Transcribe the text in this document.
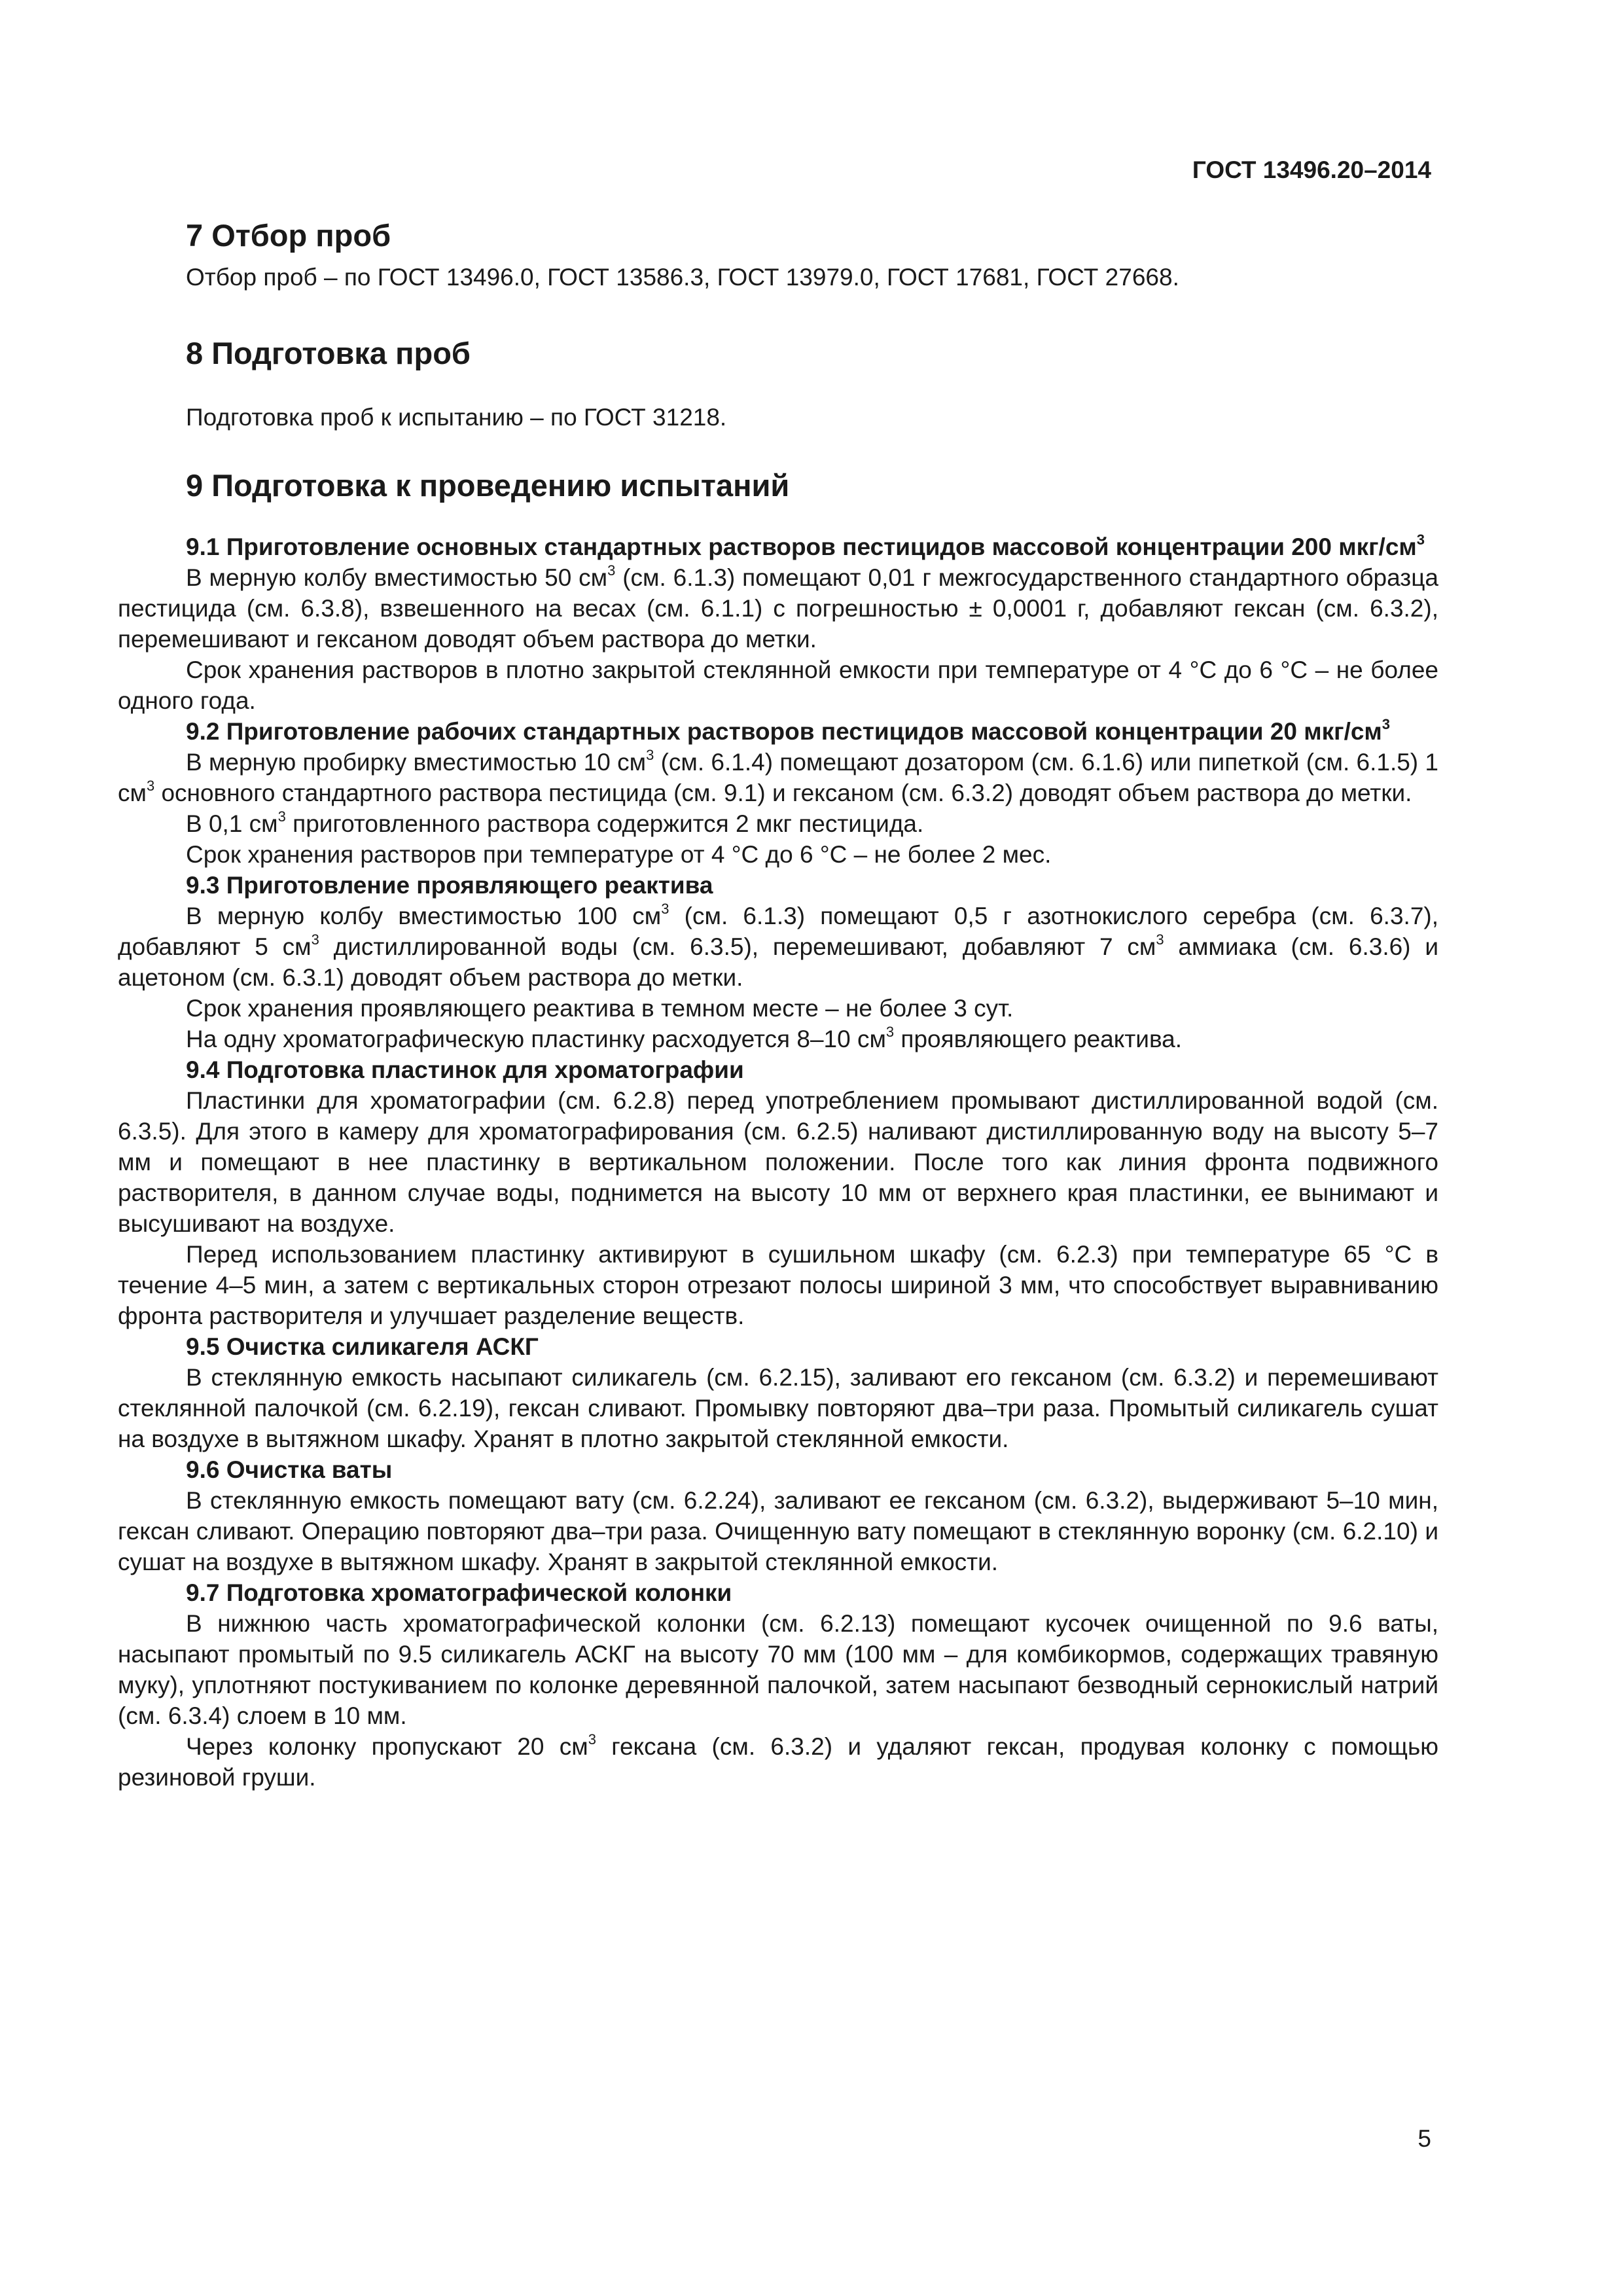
ГОСТ 13496.20–2014
7 Отбор проб

Отбор проб – по ГОСТ 13496.0, ГОСТ 13586.3, ГОСТ 13979.0, ГОСТ 17681, ГОСТ 27668.

8 Подготовка проб

Подготовка проб к испытанию – по ГОСТ 31218.

9 Подготовка к проведению испытаний

9.1 Приготовление основных стандартных растворов пестицидов массовой концентрации 200 мкг/$см^3$

В мерную колбу вместимостью 50 $см^3$ (см. 6.1.3) помещают 0,01 г межгосударственного стандартного образца пестицида (см. 6.3.8), взвешенного на весах (см. 6.1.1) с погрешностью ± 0,0001 г, добавляют гексан (см. 6.3.2), перемешивают и гексаном доводят объем раствора до метки.

Срок хранения растворов в плотно закрытой стеклянной емкости при температуре от 4 °С до 6 °С – не более одного года.

9.2 Приготовление рабочих стандартных растворов пестицидов массовой концентрации 20 мкг/$см^3$

В мерную пробирку вместимостью 10 $см^3$ (см. 6.1.4) помещают дозатором (см. 6.1.6) или пипеткой (см. 6.1.5) 1 $см^3$ основного стандартного раствора пестицида (см. 9.1) и гексаном (см. 6.3.2) доводят объем раствора до метки.

В 0,1 $см^3$ приготовленного раствора содержится 2 мкг пестицида.

Срок хранения растворов при температуре от 4 °С до 6 °С – не более 2 мес.

9.3 Приготовление проявляющего реактива

В мерную колбу вместимостью 100 $см^3$ (см. 6.1.3) помещают 0,5 г азотнокислого серебра (см. 6.3.7), добавляют 5 $см^3$ дистиллированной воды (см. 6.3.5), перемешивают, добавляют 7 $см^3$ аммиака (см. 6.3.6) и ацетоном (см. 6.3.1) доводят объем раствора до метки.

Срок хранения проявляющего реактива в темном месте – не более 3 сут.

На одну хроматографическую пластинку расходуется 8–10 $см^3$ проявляющего реактива.

9.4 Подготовка пластинок для хроматографии

Пластинки для хроматографии (см. 6.2.8) перед употреблением промывают дистиллированной водой (см. 6.3.5). Для этого в камеру для хроматографирования (см. 6.2.5) наливают дистиллированную воду на высоту 5–7 мм и помещают в нее пластинку в вертикальном положении. После того как линия фронта подвижного растворителя, в данном случае воды, поднимется на высоту 10 мм от верхнего края пластинки, ее вынимают и высушивают на воздухе.

Перед использованием пластинку активируют в сушильном шкафу (см. 6.2.3) при температуре 65 °С в течение 4–5 мин, а затем с вертикальных сторон отрезают полосы шириной 3 мм, что способствует выравниванию фронта растворителя и улучшает разделение веществ.

9.5 Очистка силикагеля АСКГ

В стеклянную емкость насыпают силикагель (см. 6.2.15), заливают его гексаном (см. 6.3.2) и перемешивают стеклянной палочкой (см. 6.2.19), гексан сливают. Промывку повторяют два–три раза. Промытый силикагель сушат на воздухе в вытяжном шкафу. Хранят в плотно закрытой стеклянной емкости.

9.6 Очистка ваты

В стеклянную емкость помещают вату (см. 6.2.24), заливают ее гексаном (см. 6.3.2), выдерживают 5–10 мин, гексан сливают. Операцию повторяют два–три раза. Очищенную вату помещают в стеклянную воронку (см. 6.2.10) и сушат на воздухе в вытяжном шкафу. Хранят в закрытой стеклянной емкости.

9.7 Подготовка хроматографической колонки

В нижнюю часть хроматографической колонки (см. 6.2.13) помещают кусочек очищенной по 9.6 ваты, насыпают промытый по 9.5 силикагель АСКГ на высоту 70 мм (100 мм – для комбикормов, содержащих травяную муку), уплотняют постукиванием по колонке деревянной палочкой, затем насыпают безводный сернокислый натрий (см. 6.3.4) слоем в 10 мм.

Через колонку пропускают 20 $см^3$ гексана (см. 6.3.2) и удаляют гексан, продувая колонку с помощью резиновой груши.

5
